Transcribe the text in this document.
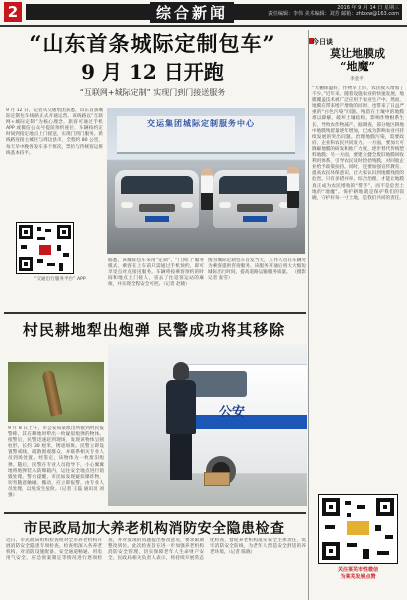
2	综合新闻	2016 年 9 月 14 日 星期三
责任编辑：李伟 美术编辑：刘芳 邮箱：zhbxw@163.com
“山东首条城际定制包车”
9 月 12 日开跑
“互联网+城际定制” 实现门到门接送服务
9 月 12 日，记者从交通集团获悉，山东首条城际定制包车线路正式开通运营。该线路以“互联网+城际定制”为核心理念，旅客可通过手机 APP 或微信公众号提前预约座位，车辆按约定时间到指定地点上门接送，实现门到门服务。新线路连接主城区与周边县市，全程约 80 公里，每天早中晚各发车多个班次，票价与传统客运班线基本持平。
“交通出行服务平台” APP
交运集团城际定制服务中心
据悉，该城际包车采用“定制”、“门到门”服务模式，乘客在上车前只需通过手机预约，即可享受点对点接送服务。车辆将按乘客预约的时间和地点上门接人，省去了往返客运站的麻烦，并实现全程安全可控。（记者 赵晓）
图为城际定制包车首发当天，工作人员在车辆旁为乘客提供咨询服务。该服务开通后将大大缩短城际出行时间，提高道路运输服务质量。 （摄影记者 张雪）
村民耕地犁出炮弹 民警成功将其移除
9 月 8 日上午，市公安局某派出所接到村民报警称，其在耕地时犁出一枚疑似炮弹的物体。接警后，民警迅速赶到现场，发现该物体呈圆柱形，长约 30 厘米，锈迹斑斑。民警立即设置警戒线，疏散围观群众，并联系相关专业人员到场处置。经鉴定，该物体为一枚废旧炮弹。随后，民警在专业人员指导下，小心翼翼地将炮弹装入防爆箱内，运往安全地点进行销毁处理。警方提醒，市民如发现疑似爆炸物，切勿随意触碰、搬动，应立即报警，由专业人员处理，以免发生危险。（记者 王磊 通讯员 刘强）
公安
市民政局加大养老机构消防安全隐患检查
近日，市民政局组织检查组对全市养老机构开展消防安全隐患专项检查。检查组深入各养老机构，对消防设施配备、安全通道畅通、用电用气安全、应急预案制定等情况进行逐项检查，并对发现的问题提出整改意见，要求限期整改到位。此次检查旨在进一步加强养老机构消防安全管理，切实保障老年人生命财产安全。民政局相关负责人表示，将持续开展常态化检查，督促养老机构落实安全主体责任，筑牢消防安全防线，为老年人营造安全舒适的养老环境。（记者 陈晓）
今日谈
莫让地膜成
“地魔”
李金平
“大棚保温好，作物早上市，农民收入增加了不少。”近年来，随着设施农业的快速发展，地膜覆盖技术被广泛应用于农业生产中。然而，地膜在带来增产增收的同时，也带来了日益严重的“白色污染”问题。残留在土壤中的地膜难以降解，破坏土壤结构，影响作物根系生长，导致农作物减产。据调查，部分地区耕地中地膜残留量逐年增加，已成为影响农业可持续发展的突出问题。治理地膜污染，需要政府、企业和农民共同发力。一方面，要加大可降解地膜的研发和推广力度，逐步替代传统塑料地膜；另一方面，要建立健全废旧地膜回收利用体系，引导农民及时捡拾残膜，对回收企业给予政策扶持。同时，还要加强宣传教育，提高农民环保意识，让大家认识到地膜残留的危害。只有多措并举、综合治理，才能让地膜真正成为农民增收的“帮手”，而不是危害土地的“地魔”。保护耕地就是保护我们的饭碗，守护好每一寸土地，是我们共同的责任。
关注莱芜市性微信
为莱芜发展点赞
